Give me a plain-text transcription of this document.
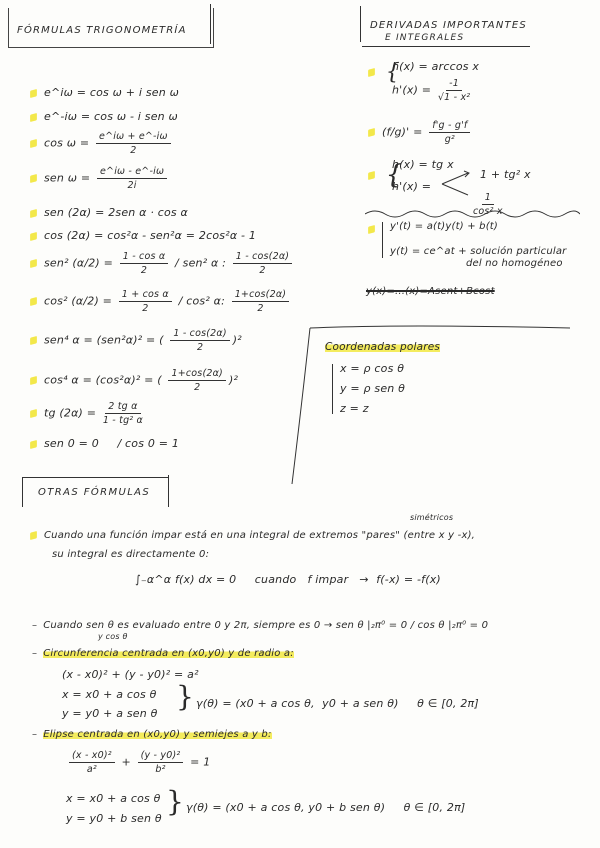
FÓRMULAS TRIGONOMETRÍA	DERIVADAS IMPORTANTES
E INTEGRALES
e^iω = cos ω + i sen ω
e^-iω = cos ω - i sen ω
$\cos \omega = \frac{e\^{}i\omega + e\^{}-i\omega}{2}$
sen $\omega = \frac{e\^{}i\omega - e\^{}-i\omega}{2i}$
sen (2α) = 2sen α · cos α
cos (2α) = cos²α - sen²α = 2cos²α - 1
sen² $(\alpha/2) = \frac{\text{1 - cos α}}{2} / sen^2$ α : $\frac{1 - \cos(2\alpha)}{2}$
cos² $(\alpha/2) = \frac{\text{1 + cos α}}{2} / \cos^2$ α: $\frac{1+\cos(2\alpha)}{2}$
sen⁴ α = (sen²α)² = ( $\frac{1 - \cos(2\alpha)}{2} )^2$
cos⁴ α = (cos²α)² = ( $\frac{1+\cos(2\alpha)}{2} )^2$
tg $(2\alpha) = \frac{\text{2 tg α}}{\text{1 - tg² α}}$
sen 0 = 0     / cos 0 = 1
{
h(x) = arccos x
$h'(x) = \frac{-1}{\text{√1 - x²}}$
$(f/g)' = \frac{f'g - g'f}{\text{g²}}$
{
h(x) = tg x
h'(x) =
1 + tg² x
$\frac{1}{\text{cos² x}}$
y'(t) = a(t)y(t) + b(t)
y(t) = ce^at + solución particular
del no homogéneo
y(x)=...(x)=Asent+Bcost
Coordenadas polares
x = ρ cos θ
y = ρ sen θ
z = z
OTRAS FÓRMULAS
simétricos
Cuando una función impar está en una integral de extremos "pares" (entre x y -x),
su integral es directamente 0:
∫₋α^α f(x) dx = 0     cuando   f impar   →  f(-x) = -f(x)
– Cuando sen θ es evaluado entre 0 y 2π, siempre es 0 → sen θ |₂π⁰ = 0 / cos θ |₂π⁰ = 0
y cos θ
– Circunferencia centrada en (x0,y0) y de radio a:
(x - x0)² + (y - y0)² = a²
x = x0 + a cos θ
y = y0 + a sen θ
} γ(θ) = (x0 + a cos θ,  y0 + a sen θ)     θ ∈ [0, 2π]
– Elipse centrada en (x0,y0) y semiejes a y b:
$\frac{\text{(x - x0)²}}{\text{a²}} + \frac{\text{(y - y0)²}}{\text{b²}} = 1$
x = x0 + a cos θ
y = y0 + b sen θ
} γ(θ) = (x0 + a cos θ, y0 + b sen θ)     θ ∈ [0, 2π]
